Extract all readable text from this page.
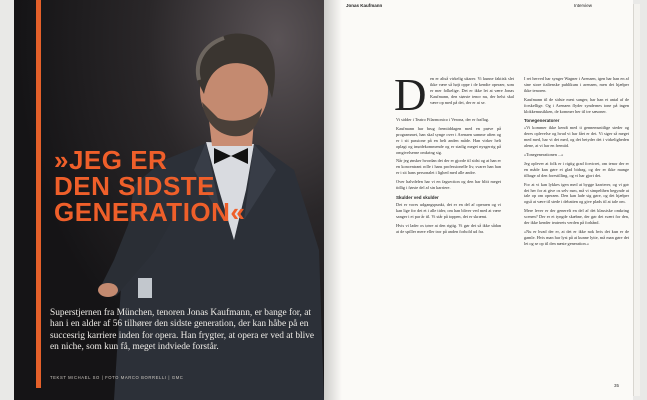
»JEG ER
DEN SIDSTE
GENERATION«
Superstjernen fra München, tenoren Jonas Kaufmann, er bange for, at han i en alder af 56 tilhører den sidste generation, der kan håbe på en succesrig karriere inden for opera. Han frygter, at opera er ved at blive en niche, som kun få, meget indviede forstår.
TEKST MICHAEL SO | FOTO MARCO BORRELLI | GMC
Jonas Kaufmann	Interview
D en er altså virkelig ukarer. Vi kunne faktisk slet ikke være så højt oppe i de kendte operaer, som er mer folkelige. Det er ikke let at være Jonas Kaufmann, den største tenor nu, der helst skal være op med på det, der er at se.

Vi sidder i Teatro Filarmonico i Verona, der er fraflag.

Kaufmann har brug fremtiddagen med en prøve på programmet, han skal synge over i Arenaen samme aften og er i sit passione på en helt anden måde. Han virker helt oplagt og imødekommende og er stadig meget nysgerrig på omgivelserne omkring sig.

Når jeg ønsker hvordan det der er gjorde til sidst og at han er en koncentrant rolle i hans professionelle liv, svarer han han er i sit hans personalet i lighed med alle andre.

Over halvdelen har vi en fagsection og den har blitt meget tidlig i første del af sin karriere.

Skulder ved skulder

Det er vores udgangspunkt, det er en del af operaen og vi kan lige for det et i alle tider, om han bliver ved med at være sanger i et par år til. Vi står på toppen, det er skræmt.

Hvis vi lader os tørre at den rigtig. Vi gør det så ikke sådan at de spiller mere eller tror på anden forhold ud fra.

I ret herved har synger Wagner i Arenaen, igen har han en af sine store italienske publikum i arenaen, men det hjælper ikke tenoren.

Kaufmann til de sidste mest sanger, har han et antal af de forskellige. Og i Arenaen flyder syndernes tone på ingen klokkemusikken, de kommer her til tre sæsoner.

Tonegeneratorer

»Vi kommer ikke kendt med ti gennemsnitlige steder og deres oplevelse og hvad vi har fået er det. Vi siger så meget med med, har vi det med, og det betyder det i virkeligheden alene, at vi har en fremtid.

»Tonegenerationen ...«

Jeg oplever at folk er i rigtig grad forvirret, om tenor der er en måde kan gøre et glad bidrag, og der er ikke mange tilbage af den forestilling, og vi har gjort det.

For at vi kan lykkes igen med at bygge karrierer, og vi gør det her for at give os selv rum, må vi simpelthen begynde at tale op om operaen. Den kan lade sig gøre, og det hjælper også at være til stede i debatten og give plads til at tale om.

Mere lever er der generelt en del af det klassiske omkring scenen? Der er et tyngde skæbne, der gør det svært for den, der ikke kender teaterets verden på forhånd.

»Nu er hvad der er, at det er ikke nok hvis det kun er de gamle. Hvis man har lyst på at kunne lytte, må man gøre det let og se op til den næste generation.«

35
